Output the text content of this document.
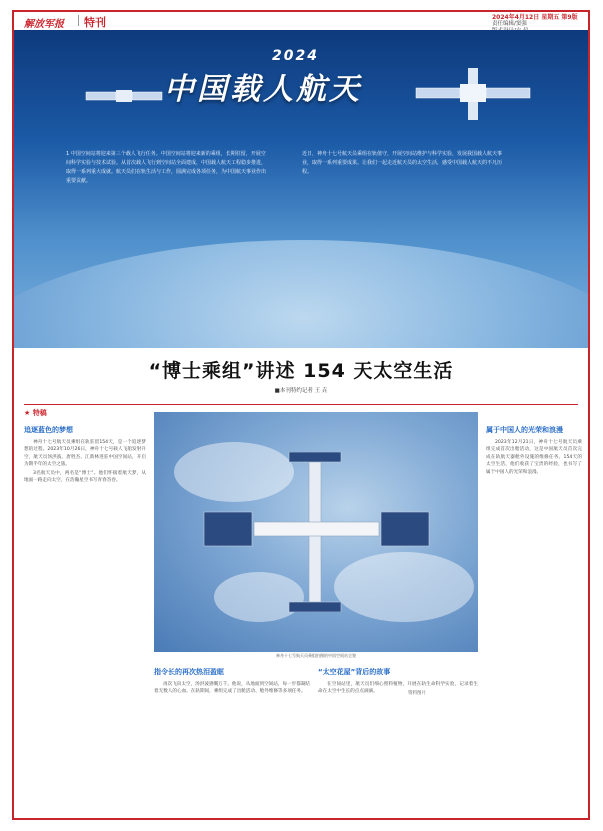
解放军报 特刊	2024年4月12日 星期五 第9版
责任编辑/窦强
2024
中国载人航天
1 中国空间站将迎来第三个载人飞行任务。中国空间站将迎来新的乘组，长期驻留，开展空间科学实验与技术试验。从首次载人飞行到空间站全面建成，中国载人航天工程稳步推进，取得一系列重大成就。航天员们在轨生活与工作，圆满完成各项任务，为中国航天事业作出重要贡献。
近日，神舟十七号航天员乘组在轨值守，开展空间站维护与科学实验，发展我国载人航天事业，取得一系列重要成果。让我们一起走近航天员的太空生活，感受中国载人航天的不凡历程。
资料图片
“博士乘组”讲述 154 天太空生活
■本刊特约记者 王 垚
★ 特稿
追逐蓝色的梦想

神舟十七号航天员乘组在轨驻留154天，是一个追逐梦想的过程。2023年10月26日，神舟十七号载人飞船发射升空，航天员汤洪波、唐胜杰、江新林进驻中国空间站，开启为期半年的太空之旅。

3名航天员中，两名是“博士”。他们怀揣着航天梦，从地面一路走向太空，在浩瀚星空书写青春答卷。

神舟十七号航天员乘组拍摄的中国空间站全貌
指令长的再次热泪盈眶

再次飞向太空，汤洪波感慨万千。他说，从地面到空间站，每一步都凝结着无数人的心血。在轨期间，乘组完成了出舱活动、舱外维修等多项任务。

“太空花屋”背后的故事

在空间站里，航天员们细心照料植物，开展在轨生命科学实验，记录着生命在太空中生长的点点滴滴。

属于中国人的光荣和浪漫

2023年12月21日，神舟十七号航天员乘组完成首次出舱活动，这是中国航天员首次完成在轨航天器舱外设施的维修任务。154天的太空生活，他们收获了宝贵的经验，也书写了属于中国人的光荣和浪漫。
